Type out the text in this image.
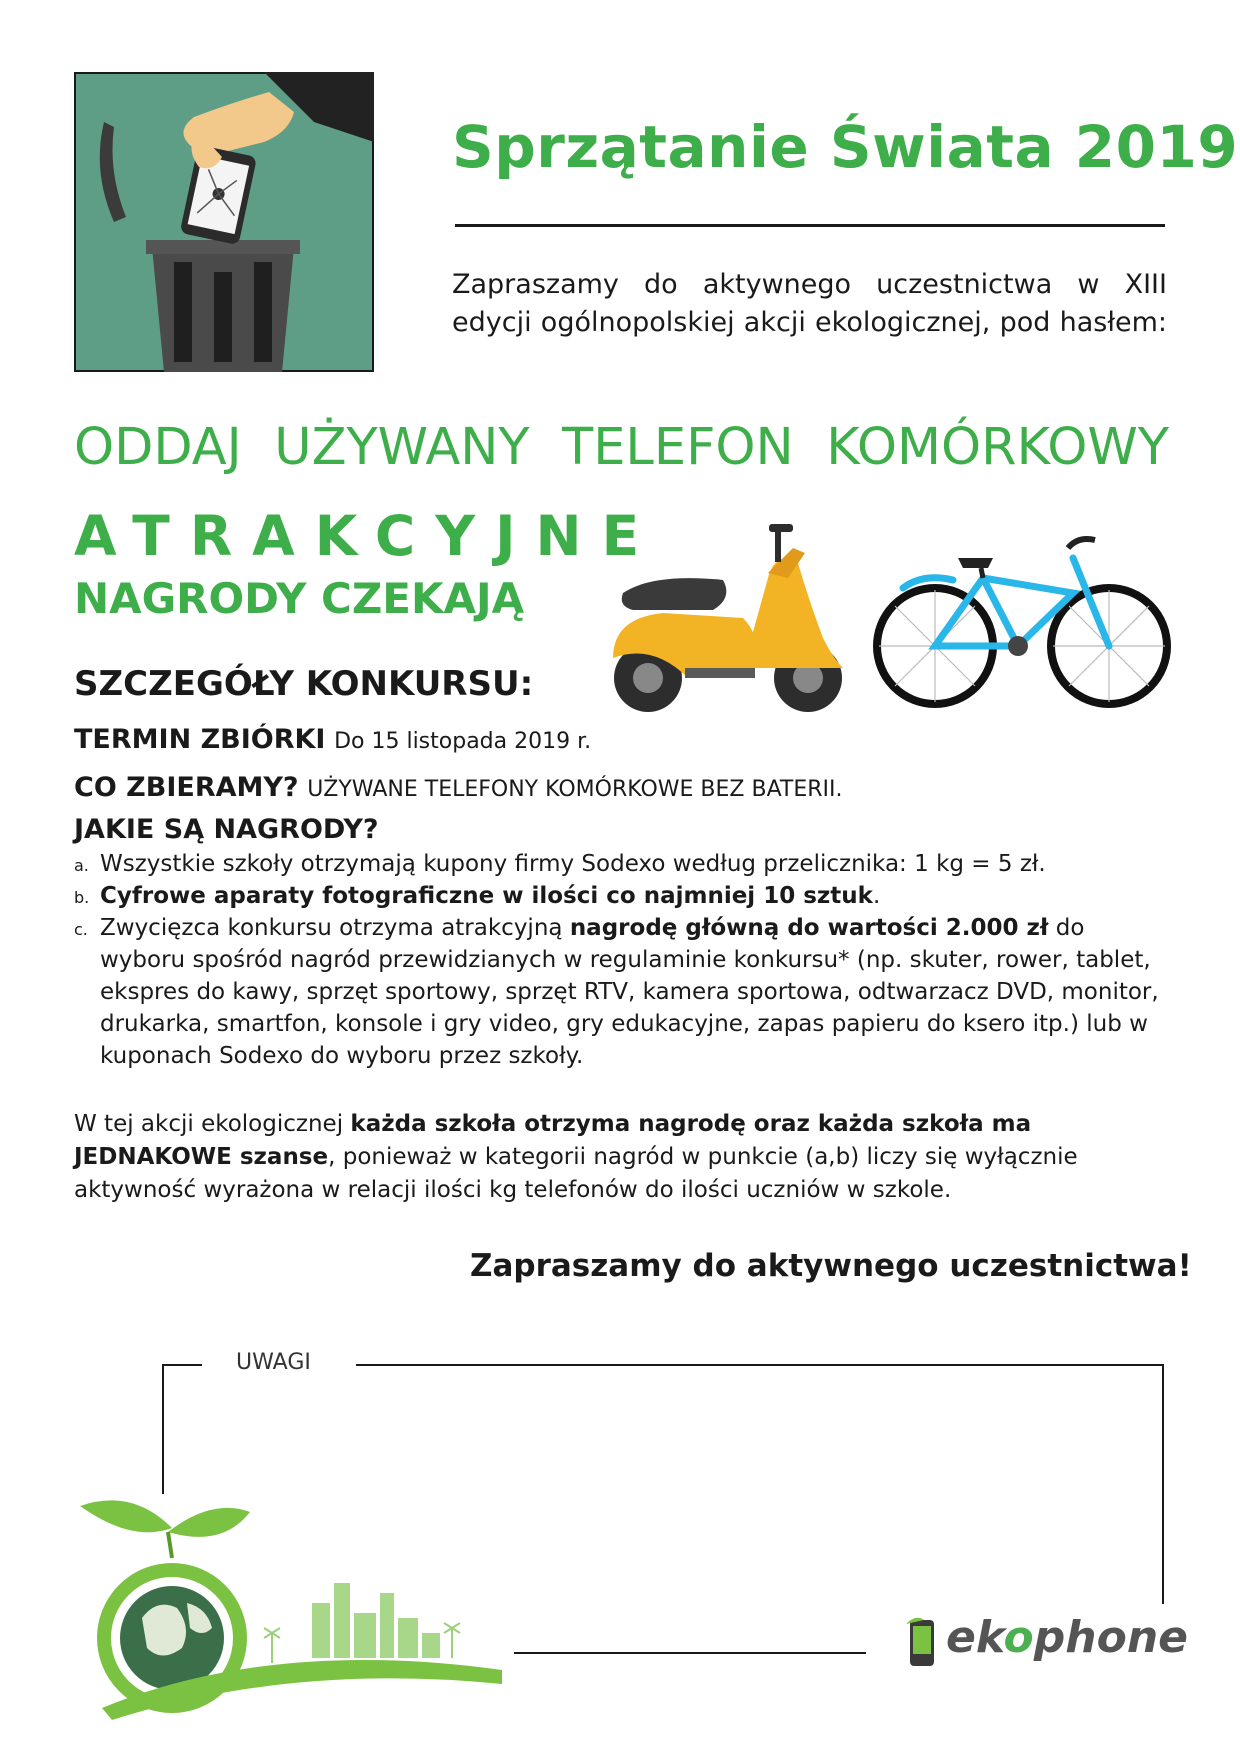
Sprzątanie Świata 2019
Zapraszamy do aktywnego uczestnictwa w XIII edycji ogólnopolskiej akcji ekologicznej, pod hasłem:
ODDAJ UŻYWANY TELEFON KOMÓRKOWY
ATRAKCYJNE
NAGRODY CZEKAJĄ
SZCZEGÓŁY KONKURSU:
TERMIN ZBIÓRKI Do 15 listopada 2019 r.
CO ZBIERAMY? UŻYWANE TELEFONY KOMÓRKOWE BEZ BATERII.
JAKIE SĄ NAGRODY?
a. Wszystkie szkoły otrzymają kupony firmy Sodexo według przelicznika: 1 kg = 5 zł.
b. Cyfrowe aparaty fotograficzne w ilości co najmniej 10 sztuk.
c. Zwycięzca konkursu otrzyma atrakcyjną nagrodę główną do wartości 2.000 zł do wyboru spośród nagród przewidzianych w regulaminie konkursu* (np. skuter, rower, tablet, ekspres do kawy, sprzęt sportowy, sprzęt RTV, kamera sportowa, odtwarzacz DVD, monitor, drukarka, smartfon, konsole i gry video, gry edukacyjne, zapas papieru do ksero itp.) lub w kuponach Sodexo do wyboru przez szkoły.
W tej akcji ekologicznej każda szkoła otrzyma nagrodę oraz każda szkoła ma JEDNAKOWE szanse, ponieważ w kategorii nagród w punkcie (a,b) liczy się wyłącznie aktywność wyrażona w relacji ilości kg telefonów do ilości uczniów w szkole.
Zapraszamy do aktywnego uczestnictwa!
UWAGI
ekophone
